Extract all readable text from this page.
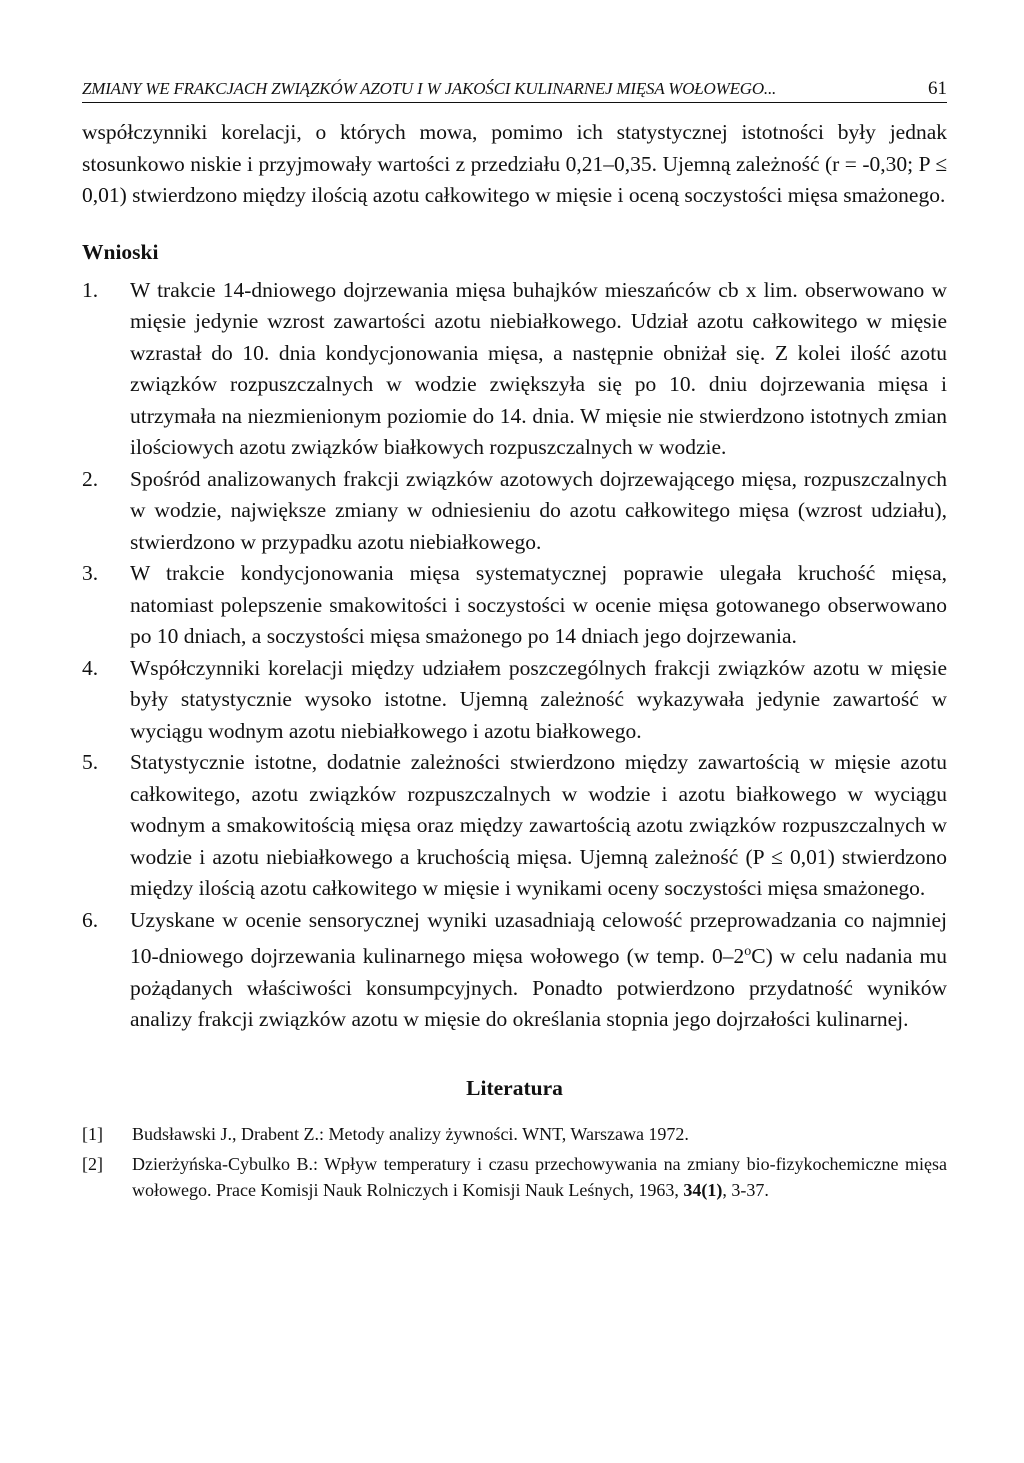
ZMIANY WE FRAKCJACH ZWIĄZKÓW AZOTU I W JAKOŚCI KULINARNEJ MIĘSA WOŁOWEGO...	61

współczynniki korelacji, o których mowa, pomimo ich statystycznej istotności były jednak stosunkowo niskie i przyjmowały wartości z przedziału 0,21–0,35. Ujemną zależność (r = -0,30; P ≤ 0,01) stwierdzono między ilością azotu całkowitego w mięsie i oceną soczystości mięsa smażonego.

Wnioski
1.	W trakcie 14-dniowego dojrzewania mięsa buhajków mieszańców cb x lim. obserwowano w mięsie jedynie wzrost zawartości azotu niebiałkowego. Udział azotu całkowitego w mięsie wzrastał do 10. dnia kondycjonowania mięsa, a następnie obniżał się. Z kolei ilość azotu związków rozpuszczalnych w wodzie zwiększyła się po 10. dniu dojrzewania mięsa i utrzymała na niezmienionym poziomie do 14. dnia. W mięsie nie stwierdzono istotnych zmian ilościowych azotu związków białkowych rozpuszczalnych w wodzie.
2.	Spośród analizowanych frakcji związków azotowych dojrzewającego mięsa, rozpuszczalnych w wodzie, największe zmiany w odniesieniu do azotu całkowitego mięsa (wzrost udziału), stwierdzono w przypadku azotu niebiałkowego.
3.	W trakcie kondycjonowania mięsa systematycznej poprawie ulegała kruchość mięsa, natomiast polepszenie smakowitości i soczystości w ocenie mięsa gotowanego obserwowano po 10 dniach, a soczystości mięsa smażonego po 14 dniach jego dojrzewania.
4.	Współczynniki korelacji między udziałem poszczególnych frakcji związków azotu w mięsie były statystycznie wysoko istotne. Ujemną zależność wykazywała jedynie zawartość w wyciągu wodnym azotu niebiałkowego i azotu białkowego.
5.	Statystycznie istotne, dodatnie zależności stwierdzono między zawartością w mięsie azotu całkowitego, azotu związków rozpuszczalnych w wodzie i azotu białkowego w wyciągu wodnym a smakowitością mięsa oraz między zawartością azotu związków rozpuszczalnych w wodzie i azotu niebiałkowego a kruchością mięsa. Ujemną zależność (P ≤ 0,01) stwierdzono między ilością azotu całkowitego w mięsie i wynikami oceny soczystości mięsa smażonego.
6.	Uzyskane w ocenie sensorycznej wyniki uzasadniają celowość przeprowadzania co najmniej 10-dniowego dojrzewania kulinarnego mięsa wołowego (w temp. 0–2$^o$C) w celu nadania mu pożądanych właściwości konsumpcyjnych. Ponadto potwierdzono przydatność wyników analizy frakcji związków azotu w mięsie do określania stopnia jego dojrzałości kulinarnej.
Literatura
[1]	Budsławski J., Drabent Z.: Metody analizy żywności. WNT, Warszawa 1972.
[2]	Dzierżyńska-Cybulko B.: Wpływ temperatury i czasu przechowywania na zmiany bio-fizykochemiczne mięsa wołowego. Prace Komisji Nauk Rolniczych i Komisji Nauk Leśnych, 1963, 34(1), 3-37.
